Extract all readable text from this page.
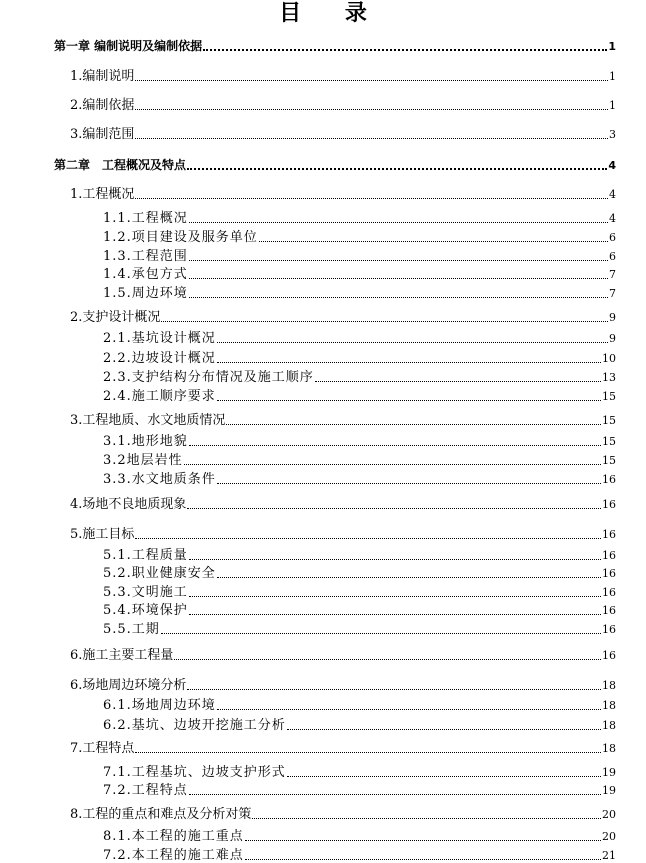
目 录
第一章 编制说明及编制依据	1
1.编制说明	1
2.编制依据	1
3.编制范围	3
第二章　工程概况及特点	4
1.工程概况	4
1.1.工程概况	4
1.2.项目建设及服务单位	6
1.3.工程范围	6
1.4.承包方式	7
1.5.周边环境	7
2.支护设计概况	9
2.1.基坑设计概况	9
2.2.边坡设计概况	10
2.3.支护结构分布情况及施工顺序	13
2.4.施工顺序要求	15
3.工程地质、水文地质情况	15
3.1.地形地貌	15
3.2地层岩性	15
3.3.水文地质条件	16
4.场地不良地质现象	16
5.施工目标	16
5.1.工程质量	16
5.2.职业健康安全	16
5.3.文明施工	16
5.4.环境保护	16
5.5.工期	16
6.施工主要工程量	16
6.场地周边环境分析	18
6.1.场地周边环境	18
6.2.基坑、边坡开挖施工分析	18
7.工程特点	18
7.1.工程基坑、边坡支护形式	19
7.2.工程特点	19
8.工程的重点和难点及分析对策	20
8.1.本工程的施工重点	20
7.2.本工程的施工难点	21
